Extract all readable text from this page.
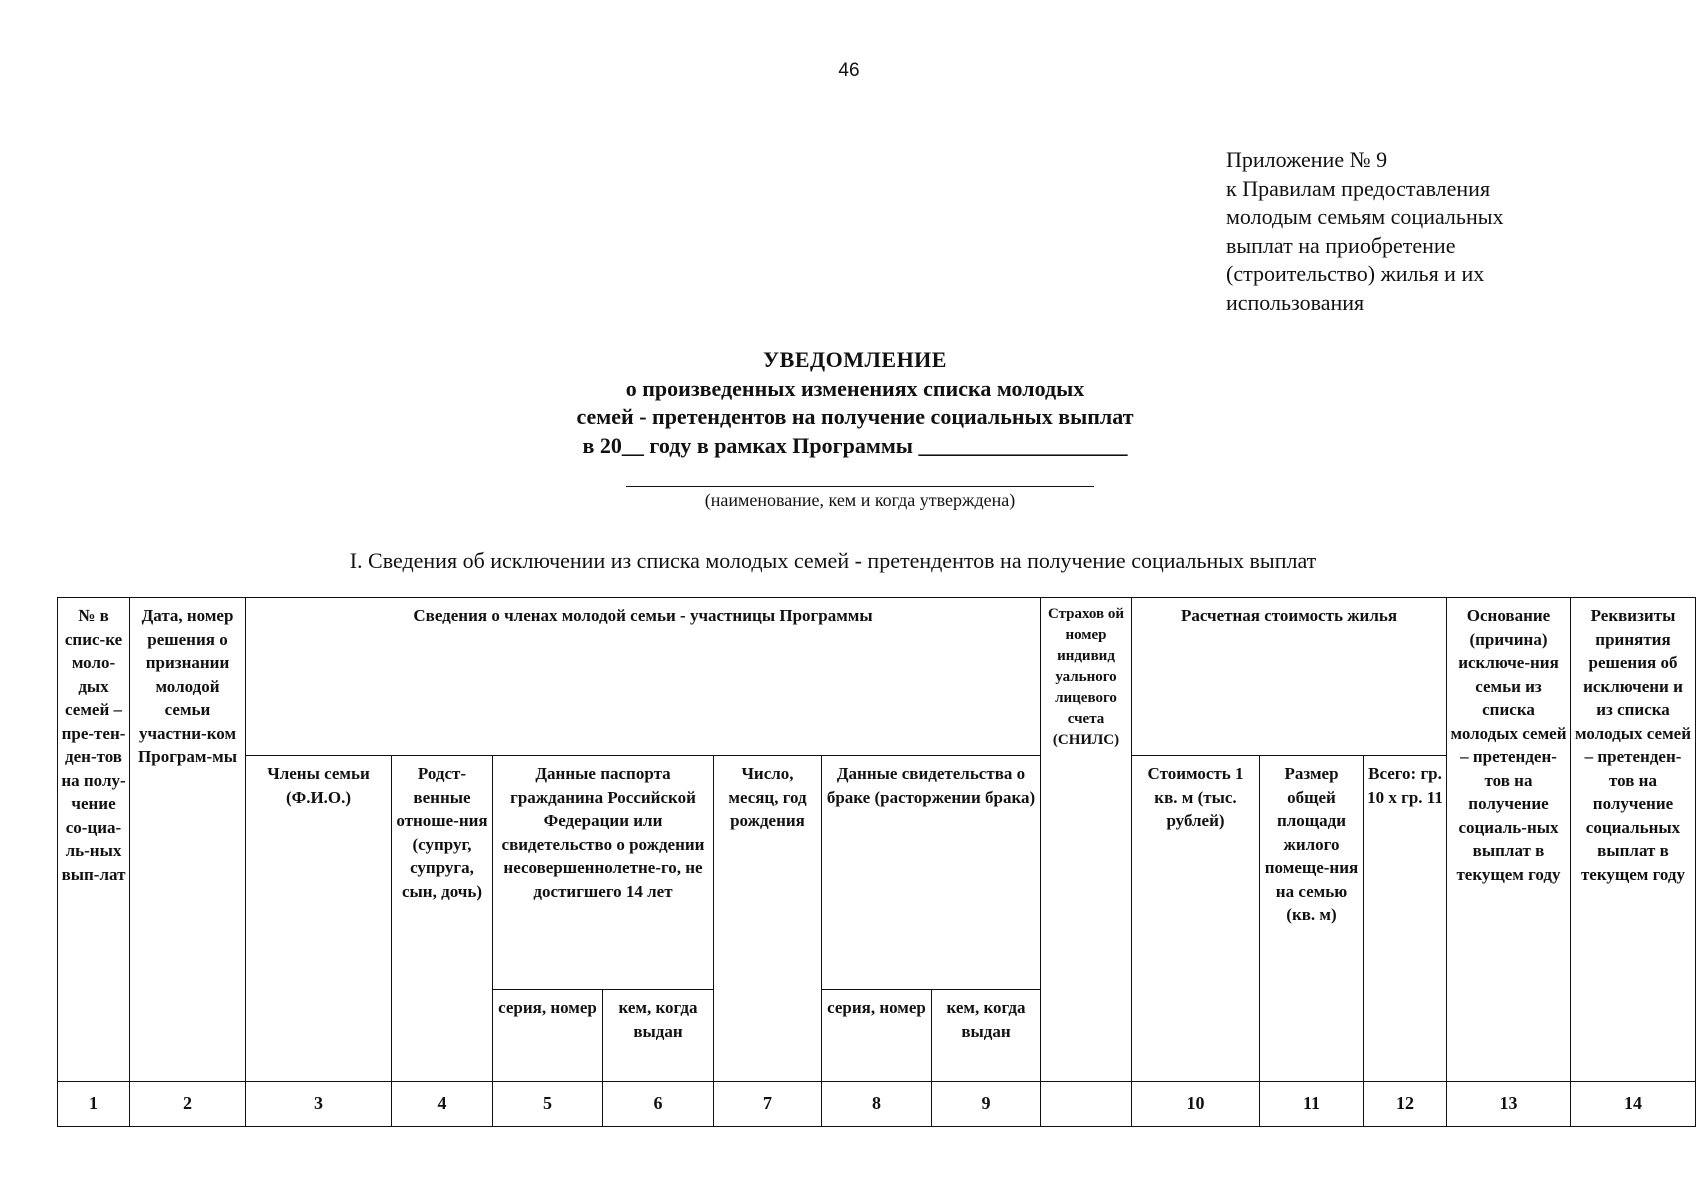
46
Приложение № 9
к Правилам предоставления
молодым семьям социальных
выплат на приобретение
(строительство) жилья и их
использования
УВЕДОМЛЕНИЕ
о произведенных изменениях списка молодых
семей - претендентов на получение социальных выплат
в 20__ году в рамках Программы ___________________
(наименование, кем и когда утверждена)
I. Сведения об исключении из списка молодых семей - претендентов на получение социальных выплат
№ в спис-ке моло-дых семей – пре-тен-ден-тов на полу-чение со-циа-ль-ных вып-лат	Дата, номер решения о признании молодой семьи участни-ком Програм-мы	Сведения о членах молодой семьи - участницы Программы							Страхов ой номер индивид уального лицевого счета (СНИЛС)	Расчетная стоимость жилья			Основание (причина) исключе-ния семьи из списка молодых семей – претенден-тов на получение социаль-ных выплат в текущем году	Реквизиты принятия решения об исключени и из списка молодых семей – претенден-тов на получение социальных выплат в текущем году
		Члены семьи (Ф.И.О.)	Родст-венные отноше-ния (супруг, супруга, сын, дочь)	Данные паспорта гражданина Российской Федерации или свидетельство о рождении несовершеннолетне-го, не достигшего 14 лет		Число, месяц, год рождения	Данные свидетельства о браке (расторжении брака)			Стоимость 1 кв. м (тыс. рублей)	Размер общей площади жилого помеще-ния на семью (кв. м)	Всего: гр. 10 х гр. 11		
				серия, номер	кем, когда выдан		серия, номер	кем, когда выдан						
1	2	3	4	5	6	7	8	9		10	11	12	13	14
